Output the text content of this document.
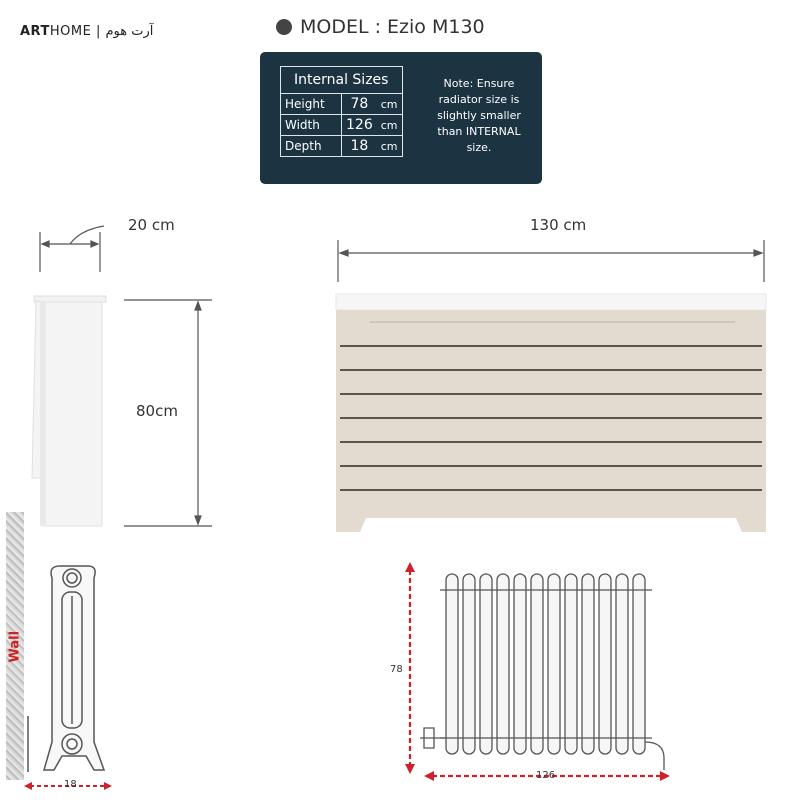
ARTHOME | آرت هوم	MODEL : Ezio M130
Internal Sizes		
Height	78	cm
Width	126	cm
Depth	18	cm
Note: Ensure radiator size is slightly smaller than INTERNAL size.
Wall
20 cm
80cm
130 cm
18
78
126
